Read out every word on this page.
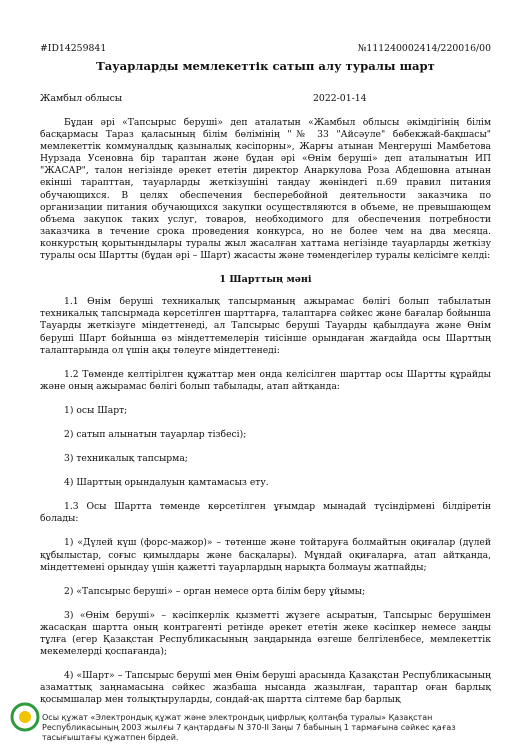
#ID14259841	№111240002414/220016/00
Тауарларды мемлекеттік сатып алу туралы шарт
Жамбыл облысы	2022-01-14

Бұдан әрі «Тапсырыс беруші» деп аталатын «Жамбыл облысы әкімдігінің білім басқармасы Тараз қаласының білім бөлімінің "№ 33 "Айсәуле" бөбекжай-бақшасы" мемлекеттік коммуналдық қазыналық кәсіпорны», Жарғы атынан Меңгеруші Мамбетова Нурзада Усеновна бір тараптан және бұдан әрі «Өнім беруші» деп аталынатын ИП "ЖАСАР", талон негізінде әрекет ететін директор Анаркулова Роза Абдешовна атынан екінші тарапттан, тауарларды жеткізушіні таңдау жөніндегі п.69 правил питания обучающихся. В целях обеспечения бесперебойной деятельности заказчика по организации питания обучающихся закупки осуществляются в объеме, не превышающем объема закупок таких услуг, товаров, необходимого для обеспечения потребности заказчика в течение срока проведения конкурса, но не более чем на два месяца. конкурстың қорытындылары туралы жыл жасалған хаттама негізінде тауарларды жеткізу туралы осы Шартты (бұдан әрі – Шарт) жасасты және төмендегілер туралы келісімге келді:

1 Шарттың мәні

1.1 Өнім беруші техникалық тапсырманың ажырамас бөлігі болып табылатын техникалық тапсырмада көрсетілген шарттарға, талаптарға сәйкес және бағалар бойынша Тауарды жеткізуге міндеттенеді, ал Тапсырыс беруші Тауарды қабылдауға және Өнім беруші Шарт бойынша өз міндеттемелерін тиісінше орындаған жағдайда осы Шарттың талаптарында ол үшін ақы төлеуге міндеттенеді:

1.2 Төменде келтірілген құжаттар мен онда келісілген шарттар осы Шартты құрайды және оның ажырамас бөлігі болып табылады, атап айтқанда:

1) осы Шарт;

2) сатып алынатын тауарлар тізбесі);

3) техникалық тапсырма;

4) Шарттың орындалуын қамтамасыз ету.

1.3 Осы Шартта төменде көрсетілген ұғымдар мынадай түсіндірмені білдіретін болады:

1) «Дүлей күш (форс-мажор)» – төтенше және тойтаруға болмайтын оқиғалар (дүлей құбылыстар, соғыс қимылдары және басқалары). Мұндай оқиғаларға, атап айтқанда, міндеттемені орындау үшін қажетті тауарлардың нарықта болмауы жатпайды;

2) «Тапсырыс беруші» – орган немесе орта білім беру ұйымы;

3) «Өнім беруші» – кәсіпкерлік қызметті жүзеге асыратын, Тапсырыс берушімен жасасқан шартта оның контрагенті ретінде әрекет ететін жеке кәсіпкер немесе заңды тұлға (егер Қазақстан Республикасының заңдарында өзгеше белгіленбесе, мемлекеттік мекемелерді қоспағанда);

4) «Шарт» – Тапсырыс беруші мен Өнім беруші арасында Қазақстан Республикасының азаматтық заңнамасына сәйкес жазбаша нысанда жазылған, тараптар оған барлық қосымшалар мен толықтыруларды, сондай-ақ шартта сілтеме бар барлық

Осы құжат «Электрондық құжат және электрондық цифрлық қолтаңба туралы» Қазақстан Республикасының 2003 жылғы 7 қаңтардағы N 370-II Заңы 7 бабының 1 тармағына сәйкес қағаз тасығыштағы құжатпен бірдей.
